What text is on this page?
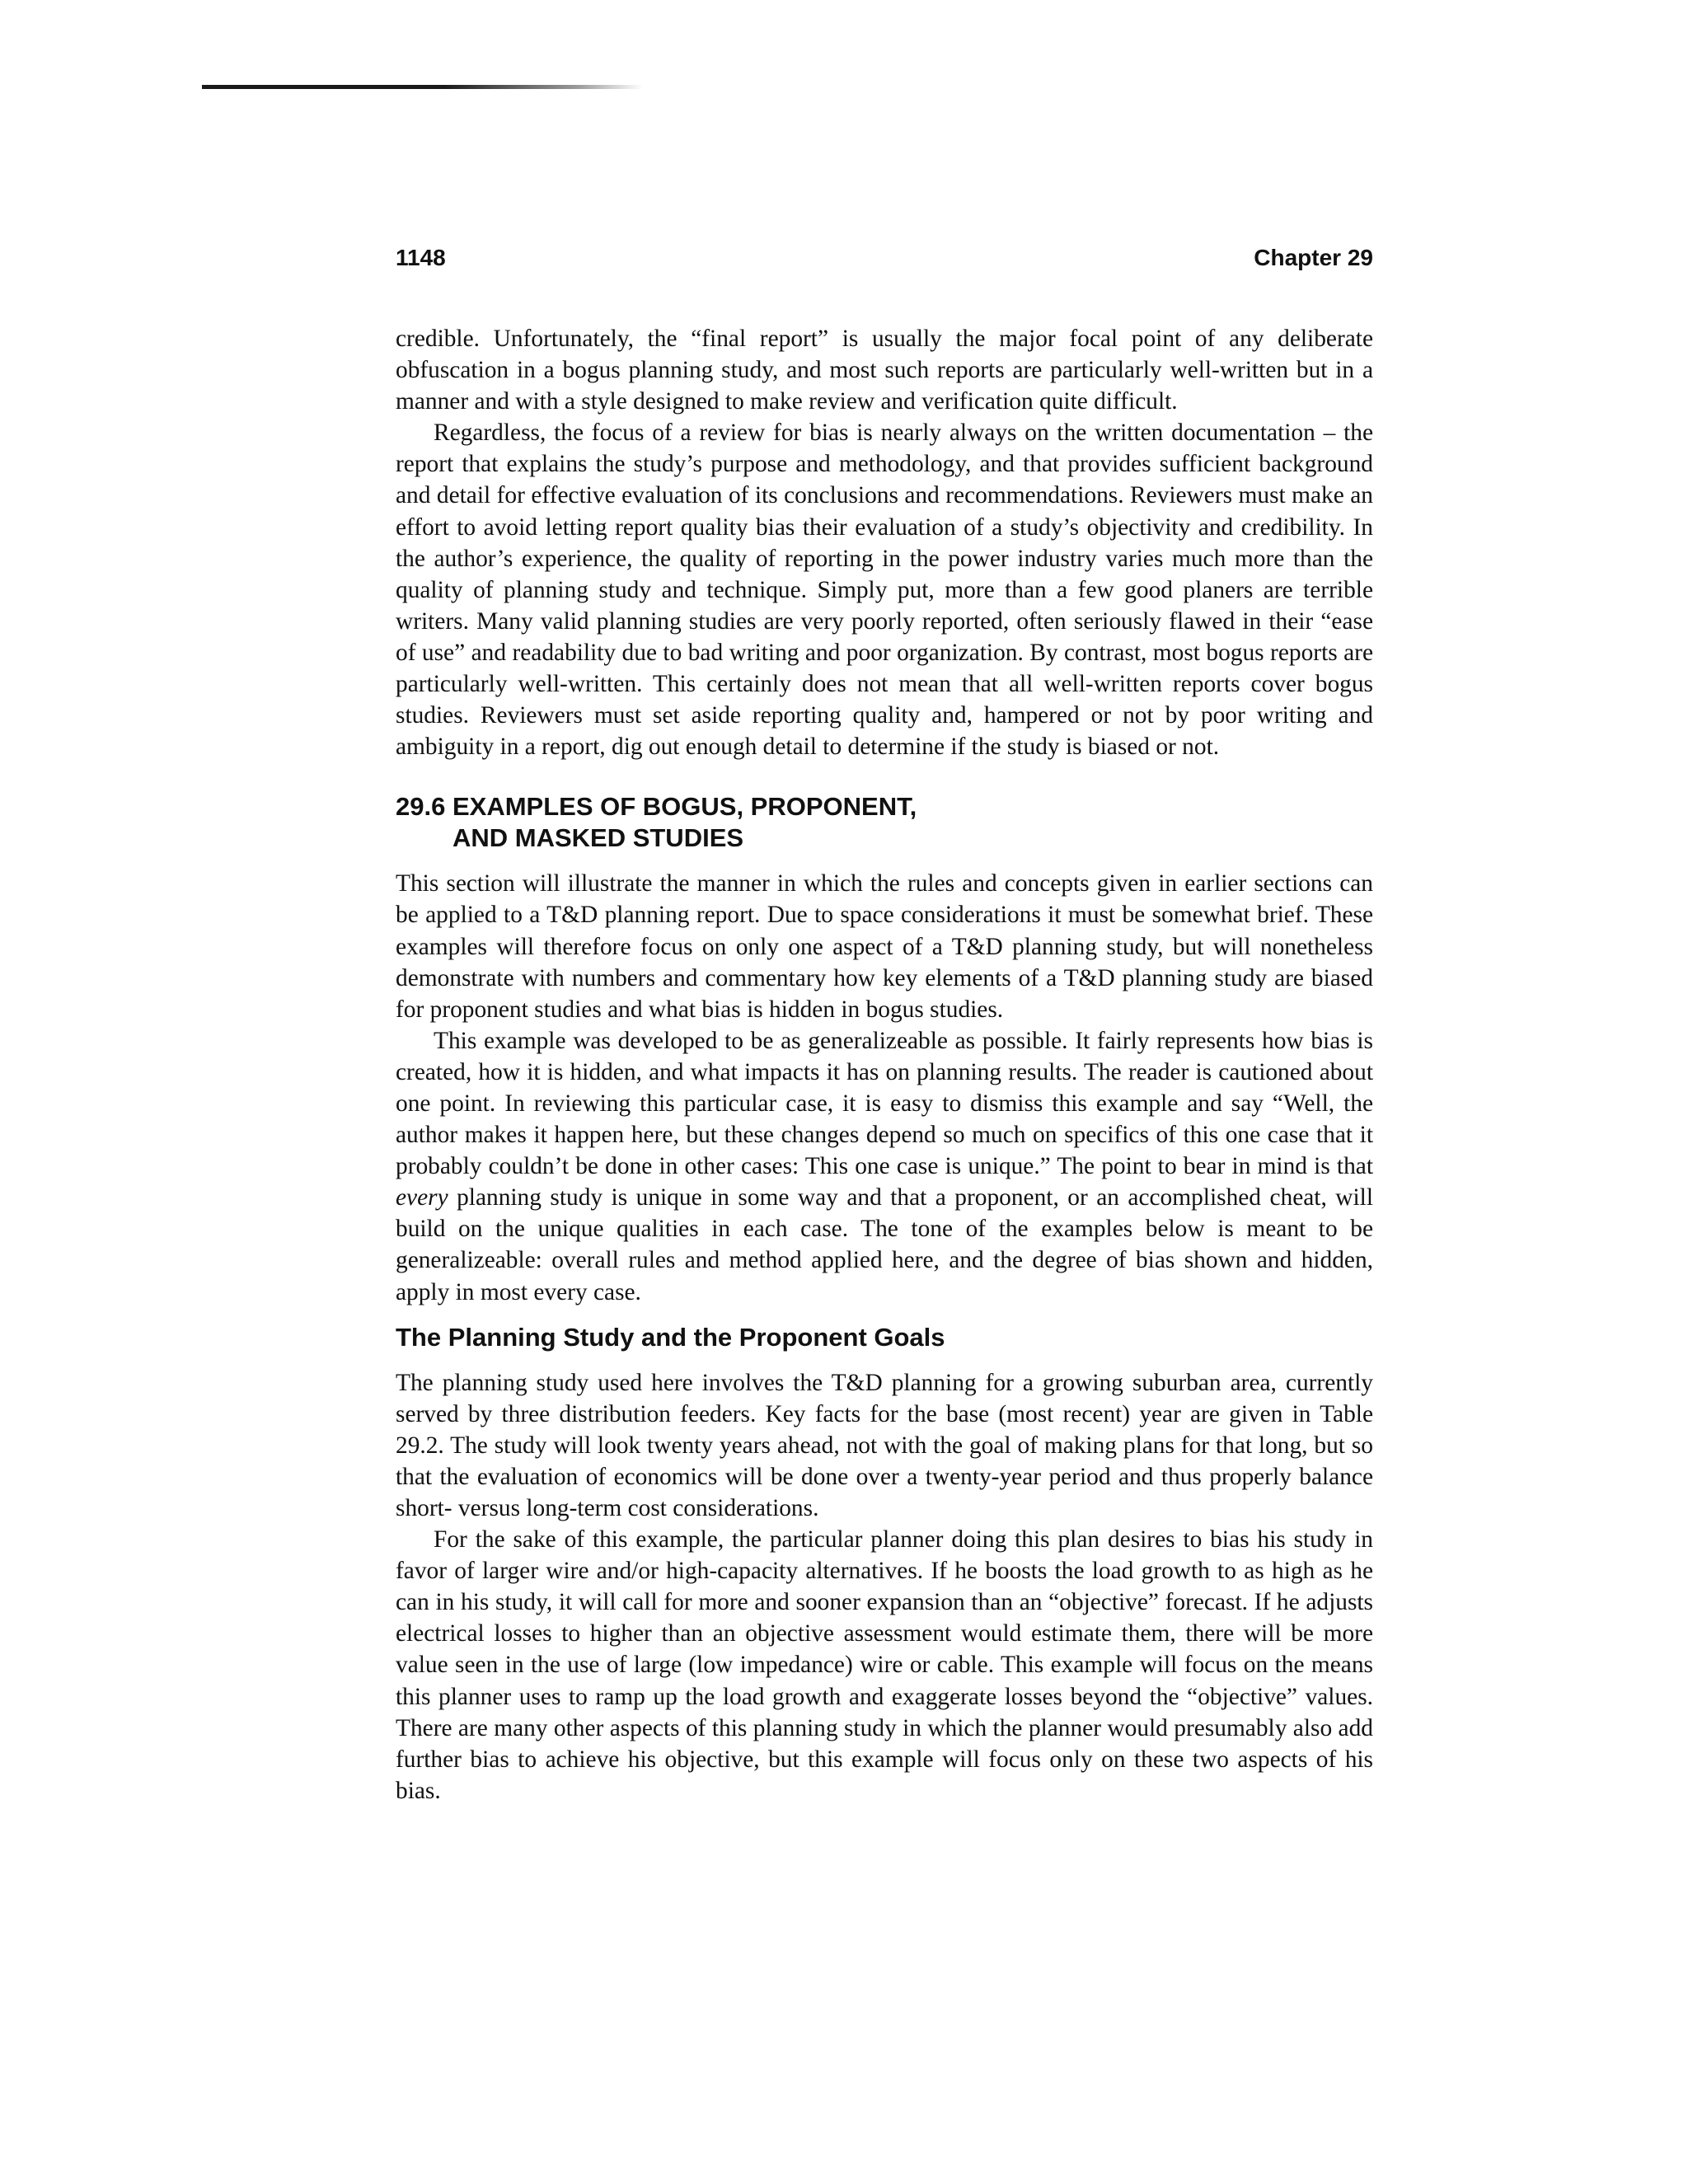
1148	Chapter 29

credible. Unfortunately, the “final report” is usually the major focal point of any deliberate obfuscation in a bogus planning study, and most such reports are particularly well-written but in a manner and with a style designed to make review and verification quite difficult.

Regardless, the focus of a review for bias is nearly always on the written documentation – the report that explains the study’s purpose and methodology, and that provides sufficient background and detail for effective evaluation of its conclusions and recommendations. Reviewers must make an effort to avoid letting report quality bias their evaluation of a study’s objectivity and credibility. In the author’s experience, the quality of reporting in the power industry varies much more than the quality of planning study and technique. Simply put, more than a few good planers are terrible writers. Many valid planning studies are very poorly reported, often seriously flawed in their “ease of use” and readability due to bad writing and poor organization. By contrast, most bogus reports are particularly well-written. This certainly does not mean that all well-written reports cover bogus studies. Reviewers must set aside reporting quality and, hampered or not by poor writing and ambiguity in a report, dig out enough detail to determine if the study is biased or not.

29.6 EXAMPLES OF BOGUS, PROPONENT,
AND MASKED STUDIES

This section will illustrate the manner in which the rules and concepts given in earlier sections can be applied to a T&D planning report. Due to space considerations it must be somewhat brief. These examples will therefore focus on only one aspect of a T&D planning study, but will nonetheless demonstrate with numbers and commentary how key elements of a T&D planning study are biased for proponent studies and what bias is hidden in bogus studies.

This example was developed to be as generalizeable as possible. It fairly represents how bias is created, how it is hidden, and what impacts it has on planning results. The reader is cautioned about one point. In reviewing this particular case, it is easy to dismiss this example and say “Well, the author makes it happen here, but these changes depend so much on specifics of this one case that it probably couldn’t be done in other cases: This one case is unique.” The point to bear in mind is that every planning study is unique in some way and that a proponent, or an accomplished cheat, will build on the unique qualities in each case. The tone of the examples below is meant to be generalizeable: overall rules and method applied here, and the degree of bias shown and hidden, apply in most every case.

The Planning Study and the Proponent Goals

The planning study used here involves the T&D planning for a growing suburban area, currently served by three distribution feeders. Key facts for the base (most recent) year are given in Table 29.2. The study will look twenty years ahead, not with the goal of making plans for that long, but so that the evaluation of economics will be done over a twenty-year period and thus properly balance short- versus long-term cost considerations.

For the sake of this example, the particular planner doing this plan desires to bias his study in favor of larger wire and/or high-capacity alternatives. If he boosts the load growth to as high as he can in his study, it will call for more and sooner expansion than an “objective” forecast. If he adjusts electrical losses to higher than an objective assessment would estimate them, there will be more value seen in the use of large (low impedance) wire or cable. This example will focus on the means this planner uses to ramp up the load growth and exaggerate losses beyond the “objective” values. There are many other aspects of this planning study in which the planner would presumably also add further bias to achieve his objective, but this example will focus only on these two aspects of his bias.
